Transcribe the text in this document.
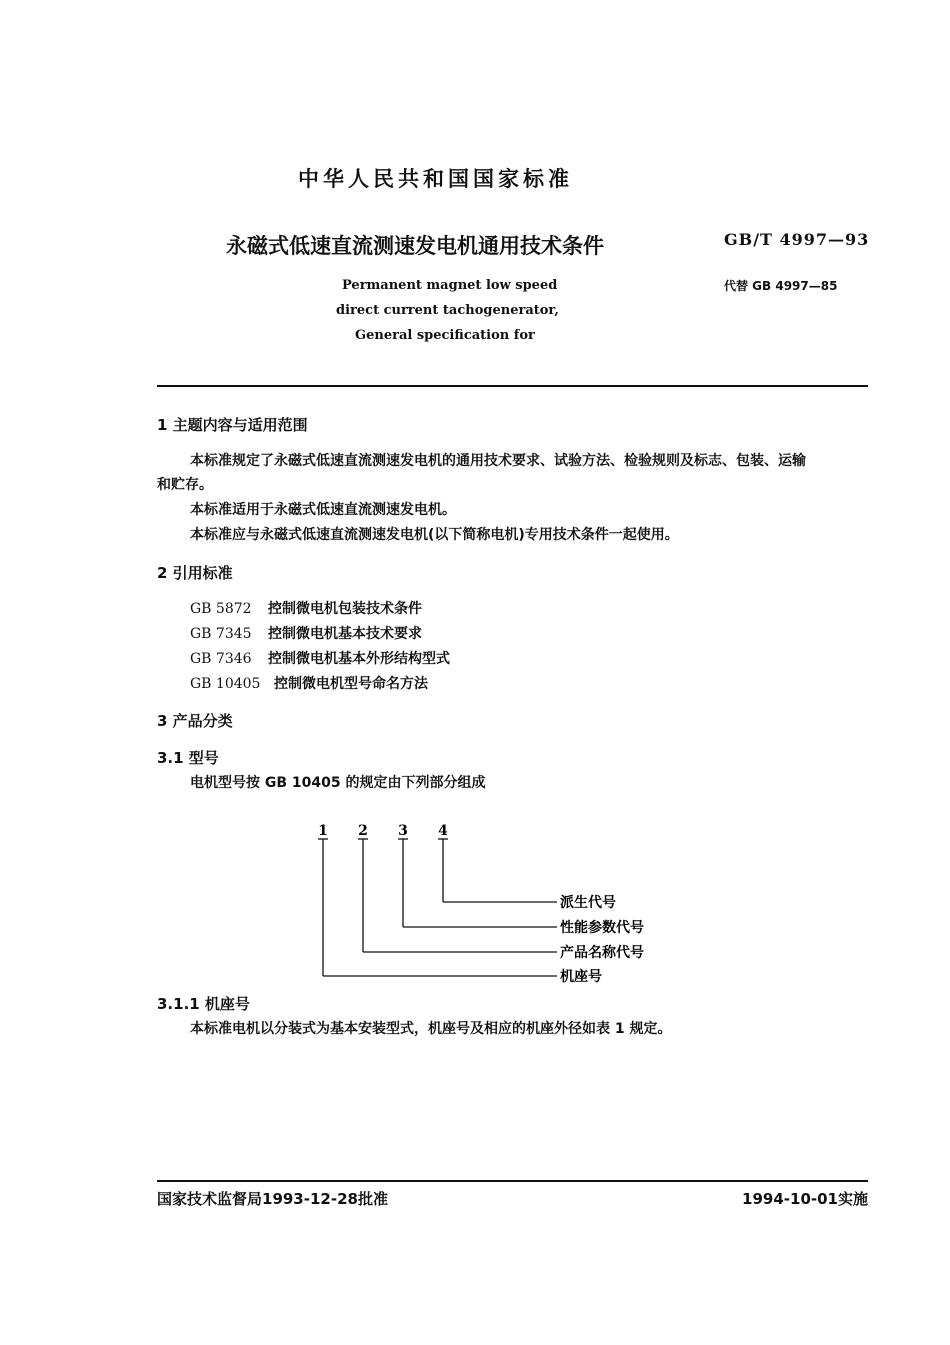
中华人民共和国国家标准
永磁式低速直流测速发电机通用技术条件	GB/T 4997—93
代替 GB 4997—85
Permanent magnet low speed
direct current tachogenerator,
General specification for
1 主题内容与适用范围
本标准规定了永磁式低速直流测速发电机的通用技术要求、试验方法、检验规则及标志、包装、运输
和贮存。
本标准适用于永磁式低速直流测速发电机。
本标准应与永磁式低速直流测速发电机(以下简称电机)专用技术条件一起使用。
2 引用标准
GB 5872 控制微电机包装技术条件
GB 7345 控制微电机基本技术要求
GB 7346 控制微电机基本外形结构型式
GB 10405 控制微电机型号命名方法
3 产品分类
3.1 型号
电机型号按 GB 10405 的规定由下列部分组成
1 2 3 4
派生代号
性能参数代号
产品名称代号
机座号
3.1.1 机座号
本标准电机以分装式为基本安装型式，机座号及相应的机座外径如表 1 规定。
国家技术监督局1993-12-28批准	1994-10-01实施
